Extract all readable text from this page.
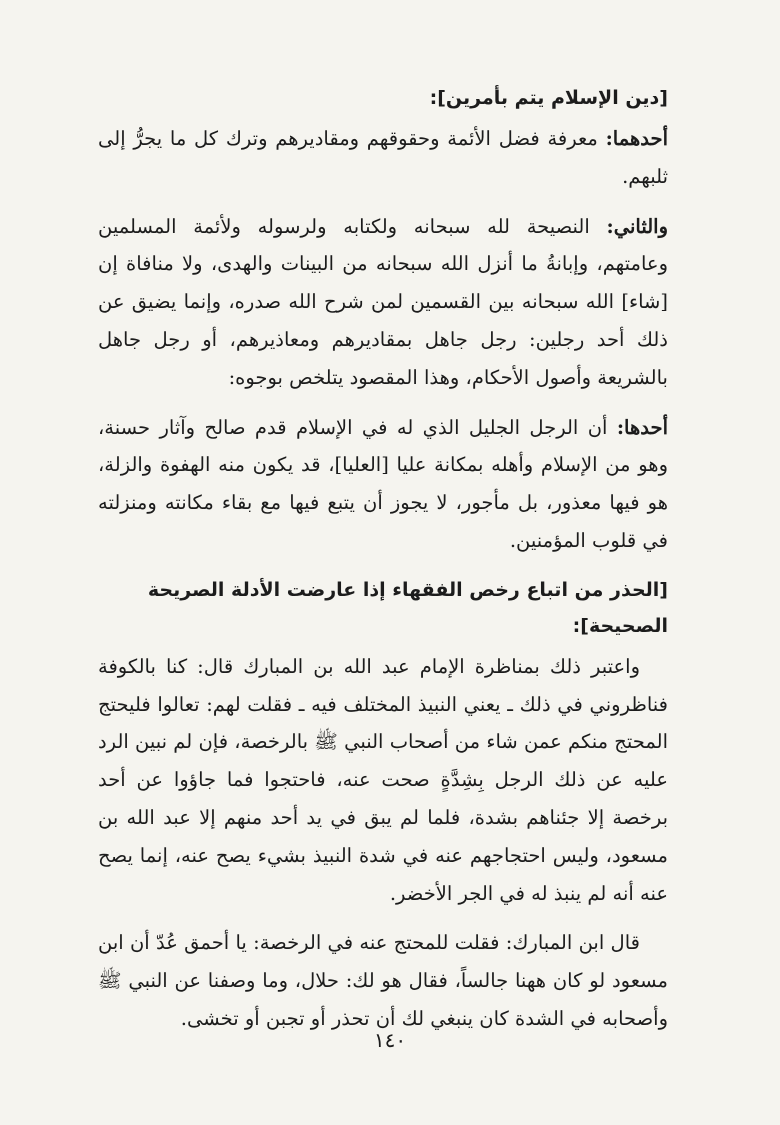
[دين الإسلام يتم بأمرين]:

أحدهما: معرفة فضل الأئمة وحقوقهم ومقاديرهم وترك كل ما يجرُّ إلى ثلبهم.

والثاني: النصيحة لله سبحانه ولكتابه ولرسوله ولأئمة المسلمين وعامتهم، وإبانةُ ما أنزل الله سبحانه من البينات والهدى، ولا منافاة إن [شاء] الله سبحانه بين القسمين لمن شرح الله صدره، وإنما يضيق عن ذلك أحد رجلين: رجل جاهل بمقاديرهم ومعاذيرهم، أو رجل جاهل بالشريعة وأصول الأحكام، وهذا المقصود يتلخص بوجوه:

أحدها: أن الرجل الجليل الذي له في الإسلام قدم صالح وآثار حسنة، وهو من الإسلام وأهله بمكانة عليا [العليا]، قد يكون منه الهفوة والزلة، هو فيها معذور، بل مأجور، لا يجوز أن يتبع فيها مع بقاء مكانته ومنزلته في قلوب المؤمنين.

[الحذر من اتباع رخص الفقهاء إذا عارضت الأدلة الصريحة الصحيحة]:

واعتبر ذلك بمناظرة الإمام عبد الله بن المبارك قال: كنا بالكوفة فناظروني في ذلك ـ يعني النبيذ المختلف فيه ـ فقلت لهم: تعالوا فليحتج المحتج منكم عمن شاء من أصحاب النبي ﷺ بالرخصة، فإن لم نبين الرد عليه عن ذلك الرجل بِشِدَّةٍ صحت عنه، فاحتجوا فما جاؤوا عن أحد برخصة إلا جئناهم بشدة، فلما لم يبق في يد أحد منهم إلا عبد الله بن مسعود، وليس احتجاجهم عنه في شدة النبيذ بشيء يصح عنه، إنما يصح عنه أنه لم ينبذ له في الجر الأخضر.

قال ابن المبارك: فقلت للمحتج عنه في الرخصة: يا أحمق عُدّ أن ابن مسعود لو كان ههنا جالساً، فقال هو لك: حلال، وما وصفنا عن النبي ﷺ وأصحابه في الشدة كان ينبغي لك أن تحذر أو تجبن أو تخشى.

١٤٠
